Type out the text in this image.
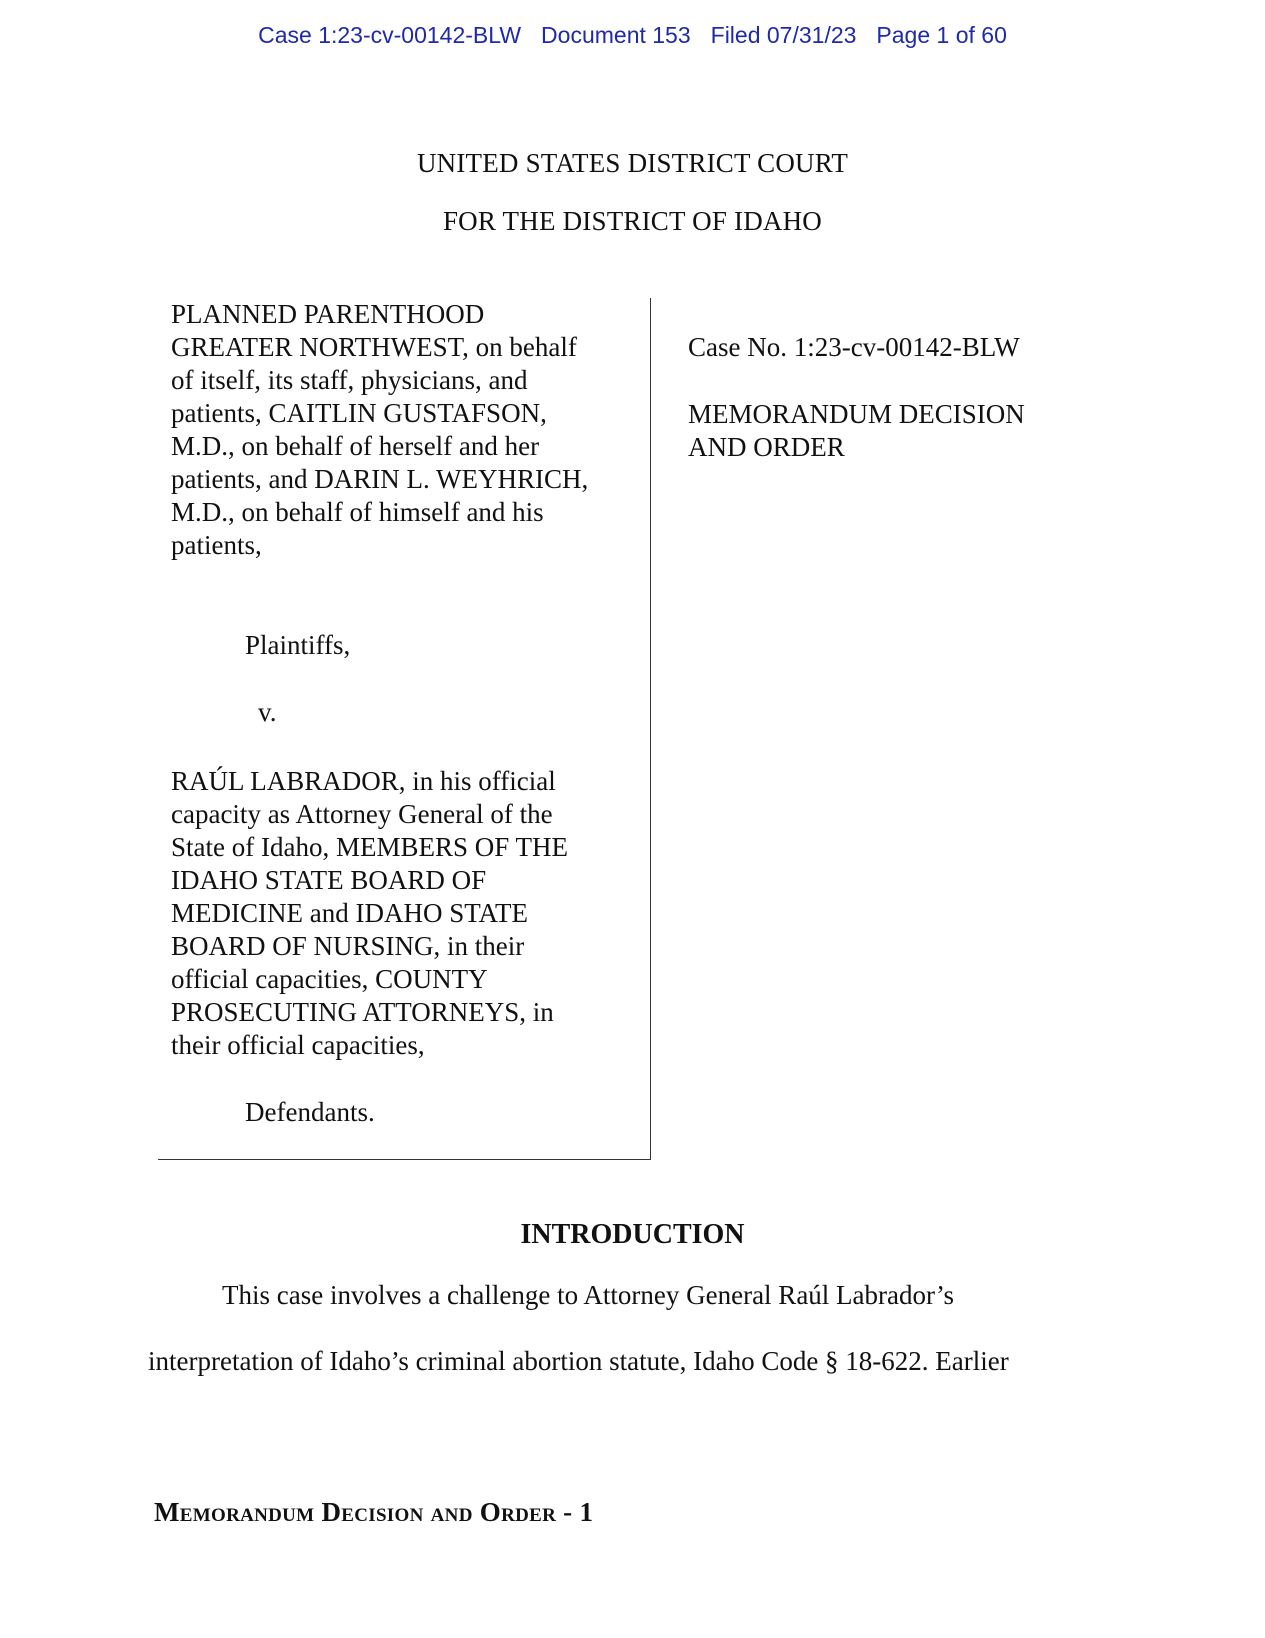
Case 1:23-cv-00142-BLW Document 153 Filed 07/31/23 Page 1 of 60
UNITED STATES DISTRICT COURT
FOR THE DISTRICT OF IDAHO

PLANNED PARENTHOOD

GREATER NORTHWEST, on behalf

of itself, its staff, physicians, and

patients, CAITLIN GUSTAFSON,

M.D., on behalf of herself and her

patients, and DARIN L. WEYHRICH,

M.D., on behalf of himself and his

patients,

Plaintiffs,
v.

RAÚL LABRADOR, in his official

capacity as Attorney General of the

State of Idaho, MEMBERS OF THE

IDAHO STATE BOARD OF

MEDICINE and IDAHO STATE

BOARD OF NURSING, in their

official capacities, COUNTY

PROSECUTING ATTORNEYS, in

their official capacities,

Defendants.
Case No. 1:23-cv-00142-BLW
MEMORANDUM DECISION
AND ORDER
INTRODUCTION
This case involves a challenge to Attorney General Raúl Labrador’s
interpretation of Idaho’s criminal abortion statute, Idaho Code § 18-622. Earlier
Memorandum Decision and Order - 1
